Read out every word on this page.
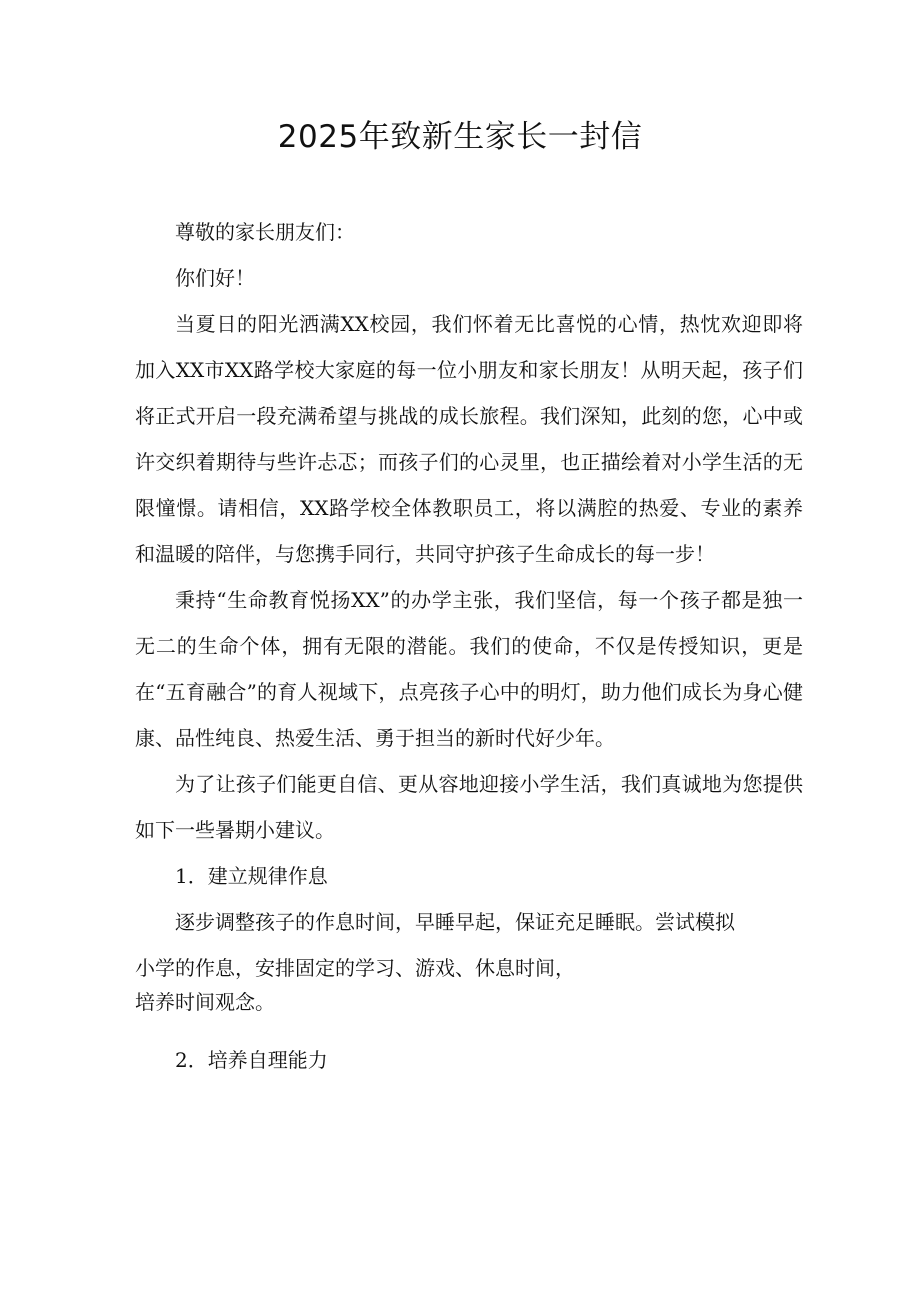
2025年致新生家长一封信

尊敬的家长朋友们：

你们好！

当夏日的阳光洒满XX校园，我们怀着无比喜悦的心情，热忱欢迎即将加入XX市XX路学校大家庭的每一位小朋友和家长朋友！从明天起，孩子们将正式开启一段充满希望与挑战的成长旅程。我们深知，此刻的您，心中或许交织着期待与些许忐忑；而孩子们的心灵里，也正描绘着对小学生活的无限憧憬。请相信，XX路学校全体教职员工，将以满腔的热爱、专业的素养和温暖的陪伴，与您携手同行，共同守护孩子生命成长的每一步！

秉持“生命教育悦扬XX”的办学主张，我们坚信，每一个孩子都是独一无二的生命个体，拥有无限的潜能。我们的使命，不仅是传授知识，更是在“五育融合”的育人视域下，点亮孩子心中的明灯，助力他们成长为身心健康、品性纯良、热爱生活、勇于担当的新时代好少年。

为了让孩子们能更自信、更从容地迎接小学生活，我们真诚地为您提供如下一些暑期小建议。

1．建立规律作息

逐步调整孩子的作息时间，早睡早起，保证充足睡眠。尝试模拟

小学的作息，安排固定的学习、游戏、休息时间，

培养时间观念。

2．培养自理能力
